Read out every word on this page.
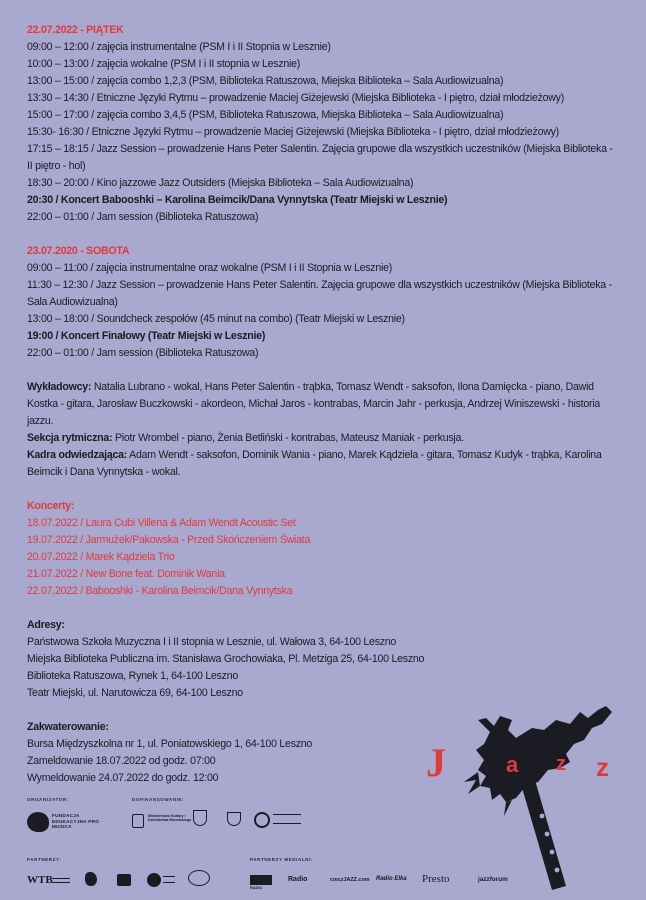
22.07.2022 - PIĄTEK
09:00 – 12:00 / zajęcia instrumentalne (PSM I i II Stopnia w Lesznie)
10:00 – 13:00 / zajęcia wokalne (PSM I i II stopnia w Lesznie)
13:00 – 15:00 / zajęcia combo 1,2,3 (PSM, Biblioteka Ratuszowa, Miejska Biblioteka – Sala Audiowizualna)
13:30 – 14:30 / Etniczne Języki Rytmu – prowadzenie Maciej Giżejewski (Miejska Biblioteka - I piętro, dział młodzieżowy)
15:00 – 17:00 / zajęcia combo 3,4,5 (PSM, Biblioteka Ratuszowa, Miejska Biblioteka – Sala Audiowizualna)
15:30- 16:30 / Etniczne Języki Rytmu – prowadzenie Maciej Giżejewski (Miejska Biblioteka - I piętro, dział młodzieżowy)
17:15 – 18:15 / Jazz Session – prowadzenie Hans Peter Salentin. Zajęcia grupowe dla wszystkich uczestników (Miejska Biblioteka - II piętro - hol)
18:30 – 20:00 / Kino jazzowe Jazz Outsiders (Miejska Biblioteka – Sala Audiowizualna)
20:30 / Koncert Babooshki – Karolina Beimcik/Dana Vynnytska (Teatr Miejski w Lesznie)
22:00 – 01:00 / Jam session (Biblioteka Ratuszowa)
23.07.2020 - SOBOTA
09:00 – 11:00 / zajęcia instrumentalne oraz wokalne (PSM I i II Stopnia w Lesznie)
11:30 – 12:30 / Jazz Session – prowadzenie Hans Peter Salentin. Zajęcia grupowe dla wszystkich uczestników (Miejska Biblioteka - Sala Audiowizualna)
13:00 – 18:00 / Soundcheck zespołów (45 minut na combo) (Teatr Miejski w Lesznie)
19:00 / Koncert Finałowy (Teatr Miejski w Lesznie)
22:00 – 01:00 / Jam session (Biblioteka Ratuszowa)
Wykładowcy: Natalia Lubrano - wokal, Hans Peter Salentin - trąbka, Tomasz Wendt - saksofon, Ilona Damięcka - piano, Dawid Kostka - gitara, Jarosław Buczkowski - akordeon, Michał Jaros - kontrabas, Marcin Jahr - perkusja, Andrzej Winiszewski - historia jazzu.
Sekcja rytmiczna: Piotr Wrombel - piano, Żenia Betliński - kontrabas, Mateusz Maniak - perkusja.
Kadra odwiedzająca: Adam Wendt - saksofon, Dominik Wania - piano, Marek Kądziela - gitara, Tomasz Kudyk - trąbka, Karolina Beimcik i Dana Vynnytska - wokal.
Koncerty:
18.07.2022 / Laura Cubi Villena & Adam Wendt Acoustic Set
19.07.2022 / Jarmużek/Pakowska - Przed Skończeniem Świata
20.07.2022 / Marek Kądziela Trio
21.07.2022 / New Bone feat. Dominik Wania
22.07.2022 / Babooshki - Karolina Beimcik/Dana Vynnytska
Adresy:
Państwowa Szkoła Muzyczna I i II stopnia w Lesznie, ul. Wałowa 3, 64-100 Leszno
Miejska Biblioteka Publiczna im. Stanisława Grochowiaka, Pl. Metziga 25, 64-100 Leszno
Biblioteka Ratuszowa, Rynek 1, 64-100 Leszno
Teatr Miejski, ul. Narutowicza 69, 64-100 Leszno
Zakwaterowanie:
Bursa Międzyszkolna nr 1, ul. Poniatowskiego 1, 64-100 Leszno
Zameldowanie 18.07.2022 od godz. 07:00
Wymeldowanie 24.07.2022 do godz. 12:00	J	a z z
ORGANIZATOR:	DOFINANSOWANIE:
FUNDACJA EDUKACYJNA PRO MUSICA
Ministerstwo Kultury i Dziedzictwa Narodowego
PARTNERZY:	PARTNERZY MEDIALNI:
WTB
RADIO
Radio	rzeczJAZZ.com Radio Elka Presto	jazzforum
